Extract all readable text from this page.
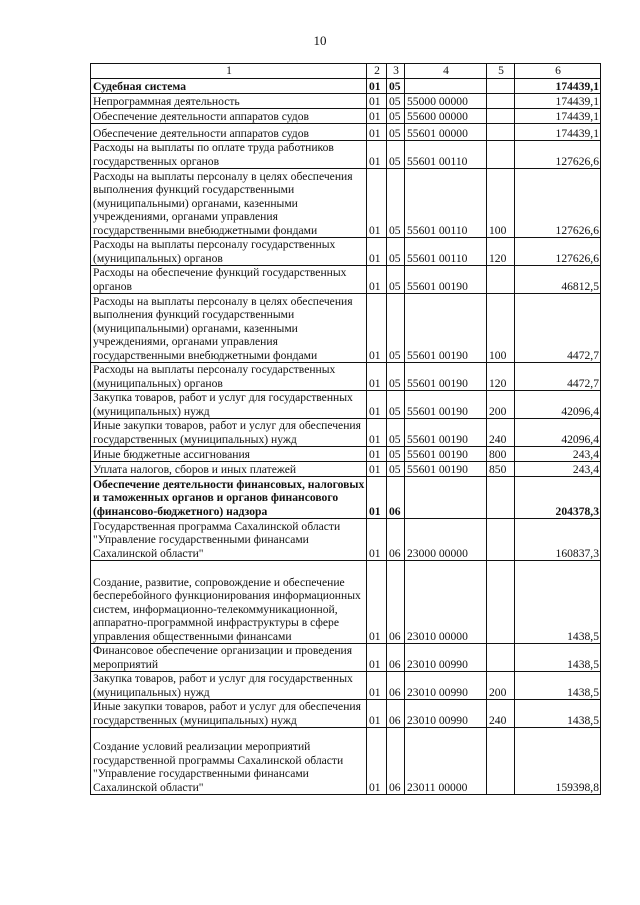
10
1	2	3	4	5	6
Судебная система	01	05			174439,1
Непрограммная деятельность	01	05	55000 00000		174439,1
Обеспечение деятельности аппаратов судов	01	05	55600 00000		174439,1
Обеспечение деятельности аппаратов судов	01	05	55601 00000		174439,1
Расходы на выплаты по оплате труда работников государственных органов	01	05	55601 00110		127626,6
Расходы на выплаты персоналу в целях обеспечения выполнения функций государственными (муниципальными) органами, казенными учреждениями, органами управления государственными внебюджетными фондами	01	05	55601 00110	100	127626,6
Расходы на выплаты персоналу государственных (муниципальных) органов	01	05	55601 00110	120	127626,6
Расходы на обеспечение функций государственных органов	01	05	55601 00190		46812,5
Расходы на выплаты персоналу в целях обеспечения выполнения функций государственными (муниципальными) органами, казенными учреждениями, органами управления государственными внебюджетными фондами	01	05	55601 00190	100	4472,7
Расходы на выплаты персоналу государственных (муниципальных) органов	01	05	55601 00190	120	4472,7
Закупка товаров, работ и услуг для государственных (муниципальных) нужд	01	05	55601 00190	200	42096,4
Иные закупки товаров, работ и услуг для обеспечения государственных (муниципальных) нужд	01	05	55601 00190	240	42096,4
Иные бюджетные ассигнования	01	05	55601 00190	800	243,4
Уплата налогов, сборов и иных платежей	01	05	55601 00190	850	243,4
Обеспечение деятельности финансовых, налоговых и таможенных органов и органов финансового (финансово-бюджетного) надзора	01	06			204378,3
Государственная программа Сахалинской области "Управление государственными финансами Сахалинской области"	01	06	23000 00000		160837,3
Создание, развитие, сопровождение и обеспечение бесперебойного функционирования информационных систем, информационно-телекоммуникационной, аппаратно-программной инфраструктуры в сфере управления общественными финансами	01	06	23010 00000		1438,5
Финансовое обеспечение организации и проведения мероприятий	01	06	23010 00990		1438,5
Закупка товаров, работ и услуг для государственных (муниципальных) нужд	01	06	23010 00990	200	1438,5
Иные закупки товаров, работ и услуг для обеспечения государственных (муниципальных) нужд	01	06	23010 00990	240	1438,5
Создание условий реализации мероприятий государственной программы Сахалинской области "Управление государственными финансами Сахалинской области"	01	06	23011 00000		159398,8
